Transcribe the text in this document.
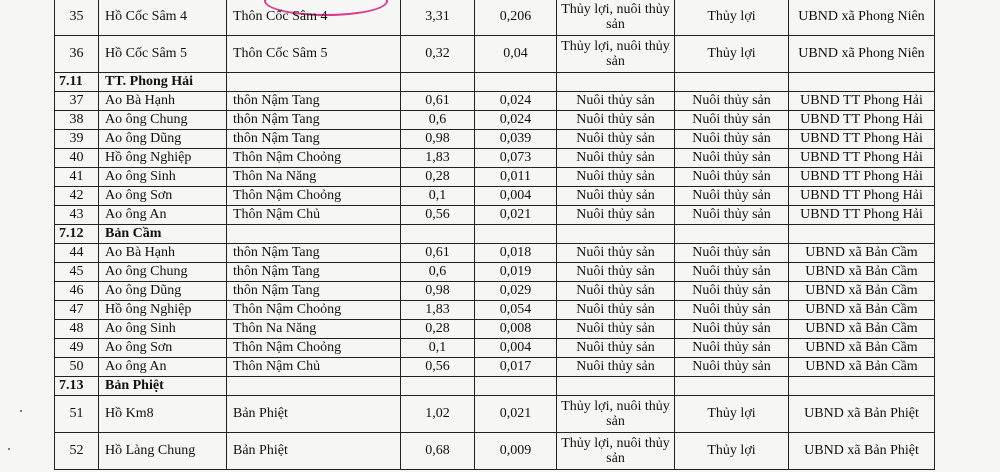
35	Hồ Cốc Sâm 4	Thôn Cốc Sâm 4	3,31	0,206	Thủy lợi, nuôi thủy sản	Thủy lợi	UBND xã Phong Niên
36	Hồ Cốc Sâm 5	Thôn Cốc Sâm 5	0,32	0,04	Thủy lợi, nuôi thủy sản	Thủy lợi	UBND xã Phong Niên
7.11	TT. Phong Hải						
37	Ao Bà Hạnh	thôn Nậm Tang	0,61	0,024	Nuôi thủy sản	Nuôi thủy sản	UBND TT Phong Hải
38	Ao ông Chung	thôn Nậm Tang	0,6	0,024	Nuôi thủy sản	Nuôi thủy sản	UBND TT Phong Hải
39	Ao ông Dũng	thôn Nậm Tang	0,98	0,039	Nuôi thủy sản	Nuôi thủy sản	UBND TT Phong Hải
40	Hồ ông Nghiệp	Thôn Nậm Choỏng	1,83	0,073	Nuôi thủy sản	Nuôi thủy sản	UBND TT Phong Hải
41	Ao ông Sinh	Thôn Na Năng	0,28	0,011	Nuôi thủy sản	Nuôi thủy sản	UBND TT Phong Hải
42	Ao ông Sơn	Thôn Nậm Choỏng	0,1	0,004	Nuôi thủy sản	Nuôi thủy sản	UBND TT Phong Hải
43	Ao ông An	Thôn Nậm Chủ	0,56	0,021	Nuôi thủy sản	Nuôi thủy sản	UBND TT Phong Hải
7.12	Bản Cầm						
44	Ao Bà Hạnh	thôn Nậm Tang	0,61	0,018	Nuôi thủy sản	Nuôi thủy sản	UBND xã Bản Cầm
45	Ao ông Chung	thôn Nậm Tang	0,6	0,019	Nuôi thủy sản	Nuôi thủy sản	UBND xã Bản Cầm
46	Ao ông Dũng	thôn Nậm Tang	0,98	0,029	Nuôi thủy sản	Nuôi thủy sản	UBND xã Bản Cầm
47	Hồ ông Nghiệp	Thôn Nậm Choỏng	1,83	0,054	Nuôi thủy sản	Nuôi thủy sản	UBND xã Bản Cầm
48	Ao ông Sinh	Thôn Na Năng	0,28	0,008	Nuôi thủy sản	Nuôi thủy sản	UBND xã Bản Cầm
49	Ao ông Sơn	Thôn Nậm Choỏng	0,1	0,004	Nuôi thủy sản	Nuôi thủy sản	UBND xã Bản Cầm
50	Ao ông An	Thôn Nậm Chủ	0,56	0,017	Nuôi thủy sản	Nuôi thủy sản	UBND xã Bản Cầm
7.13	Bản Phiệt						
51	Hồ Km8	Bản Phiệt	1,02	0,021	Thủy lợi, nuôi thủy sản	Thủy lợi	UBND xã Bản Phiệt
52	Hồ Làng Chung	Bản Phiệt	0,68	0,009	Thủy lợi, nuôi thủy sản	Thủy lợi	UBND xã Bản Phiệt
